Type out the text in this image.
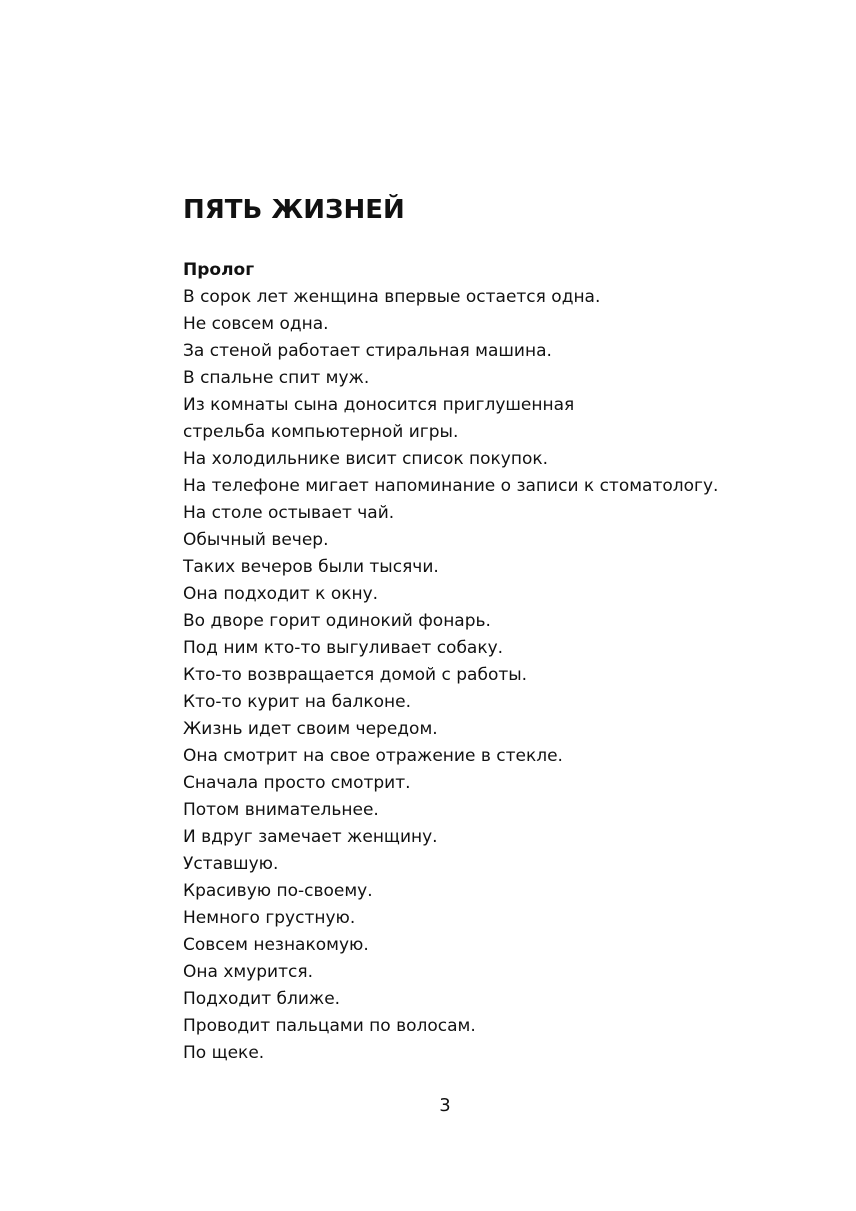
ПЯТЬ ЖИЗНЕЙ
Пролог
В сорок лет женщина впервые остается одна.
Не совсем одна.
За стеной работает стиральная машина.
В спальне спит муж.
Из комнаты сына доносится приглушенная
стрельба компьютерной игры.
На холодильнике висит список покупок.
На телефоне мигает напоминание о записи к стоматологу.
На столе остывает чай.
Обычный вечер.
Таких вечеров были тысячи.
Она подходит к окну.
Во дворе горит одинокий фонарь.
Под ним кто-то выгуливает собаку.
Кто-то возвращается домой с работы.
Кто-то курит на балконе.
Жизнь идет своим чередом.
Она смотрит на свое отражение в стекле.
Сначала просто смотрит.
Потом внимательнее.
И вдруг замечает женщину.
Уставшую.
Красивую по-своему.
Немного грустную.
Совсем незнакомую.
Она хмурится.
Подходит ближе.
Проводит пальцами по волосам.
По щеке.
3
